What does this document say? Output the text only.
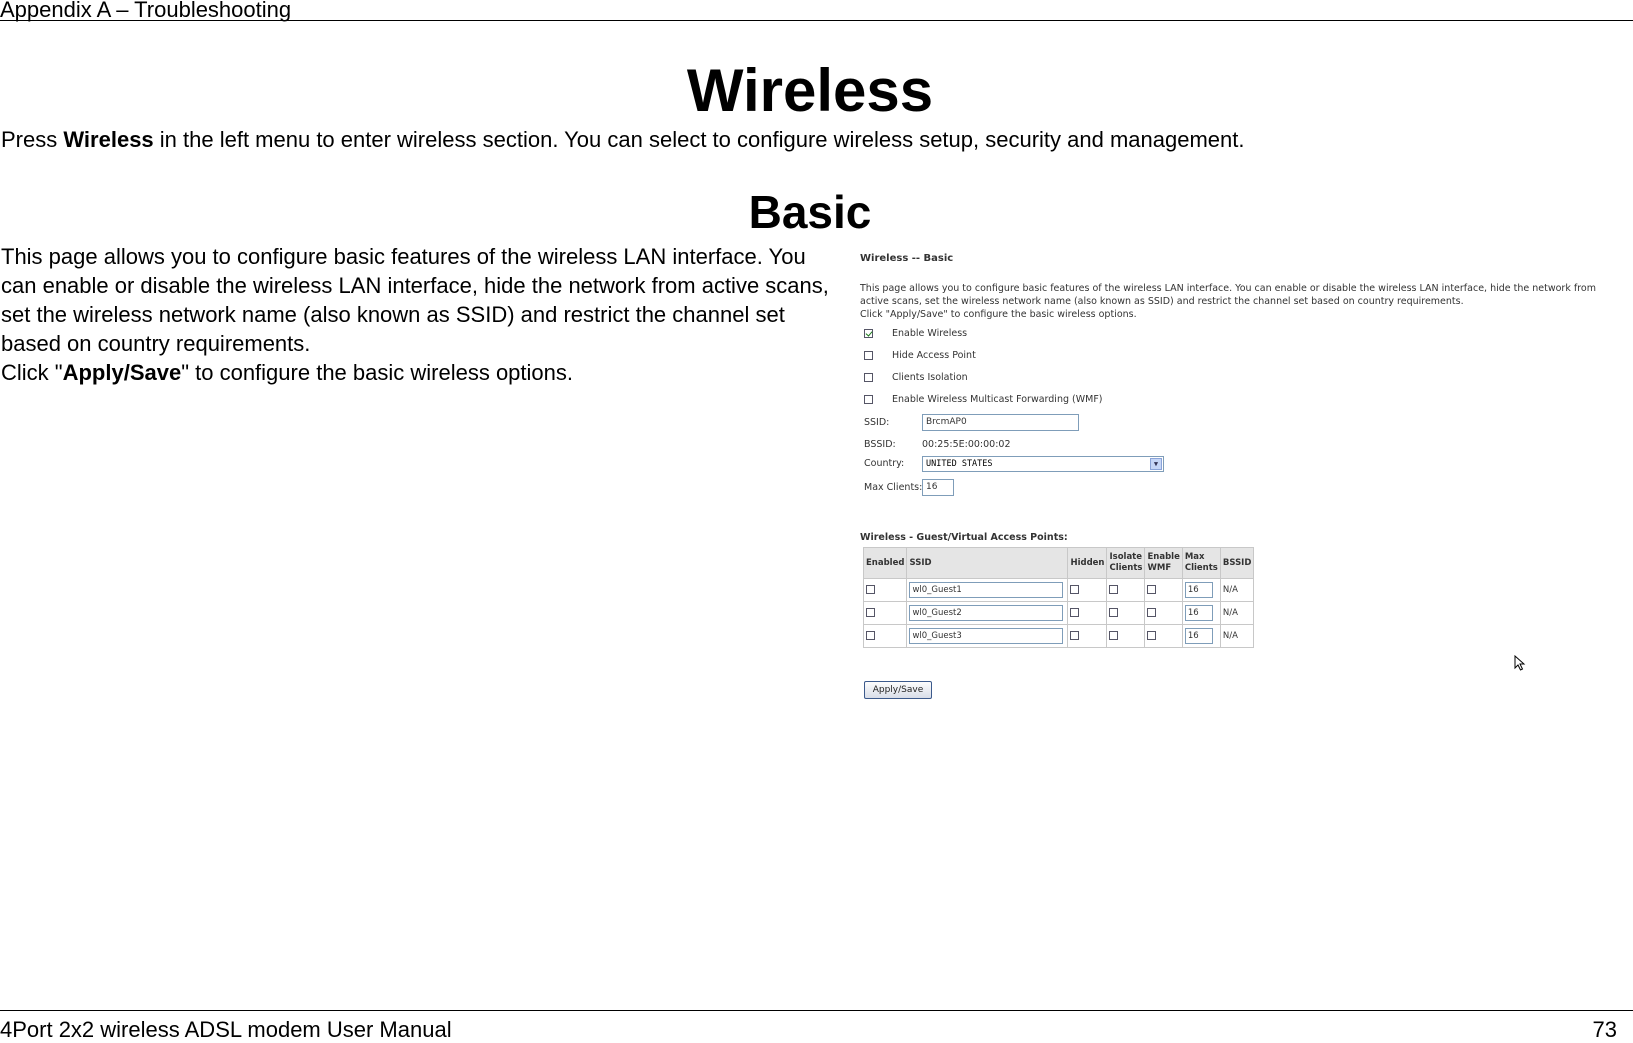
Appendix A – Troubleshooting
Wireless
Press Wireless in the left menu to enter wireless section. You can select to configure wireless setup, security and management.
Basic

This page allows you to configure basic features of the wireless LAN interface. You can enable or disable the wireless LAN interface, hide the network from active scans, set the wireless network name (also known as SSID) and restrict the channel set based on country requirements.

Click "Apply/Save" to configure the basic wireless options.

Wireless -- Basic
This page allows you to configure basic features of the wireless LAN interface. You can enable or disable the wireless LAN interface, hide the network from active scans, set the wireless network name (also known as SSID) and restrict the channel set based on country requirements.
Click "Apply/Save" to configure the basic wireless options.
Enable Wireless
Hide Access Point
Clients Isolation
Enable Wireless Multicast Forwarding (WMF)
SSID:	BrcmAP0
BSSID:	00:25:5E:00:00:02
Country:	UNITED STATES	▼
Max Clients: 16
Wireless - Guest/Virtual Access Points:
Enabled	SSID	Hidden	Isolate Clients	Enable WMF	Max Clients	BSSID
	wl0_Guest1				16	N/A
	wl0_Guest2				16	N/A
	wl0_Guest3				16	N/A
Apply/Save
4Port 2x2 wireless ADSL modem User Manual	73
